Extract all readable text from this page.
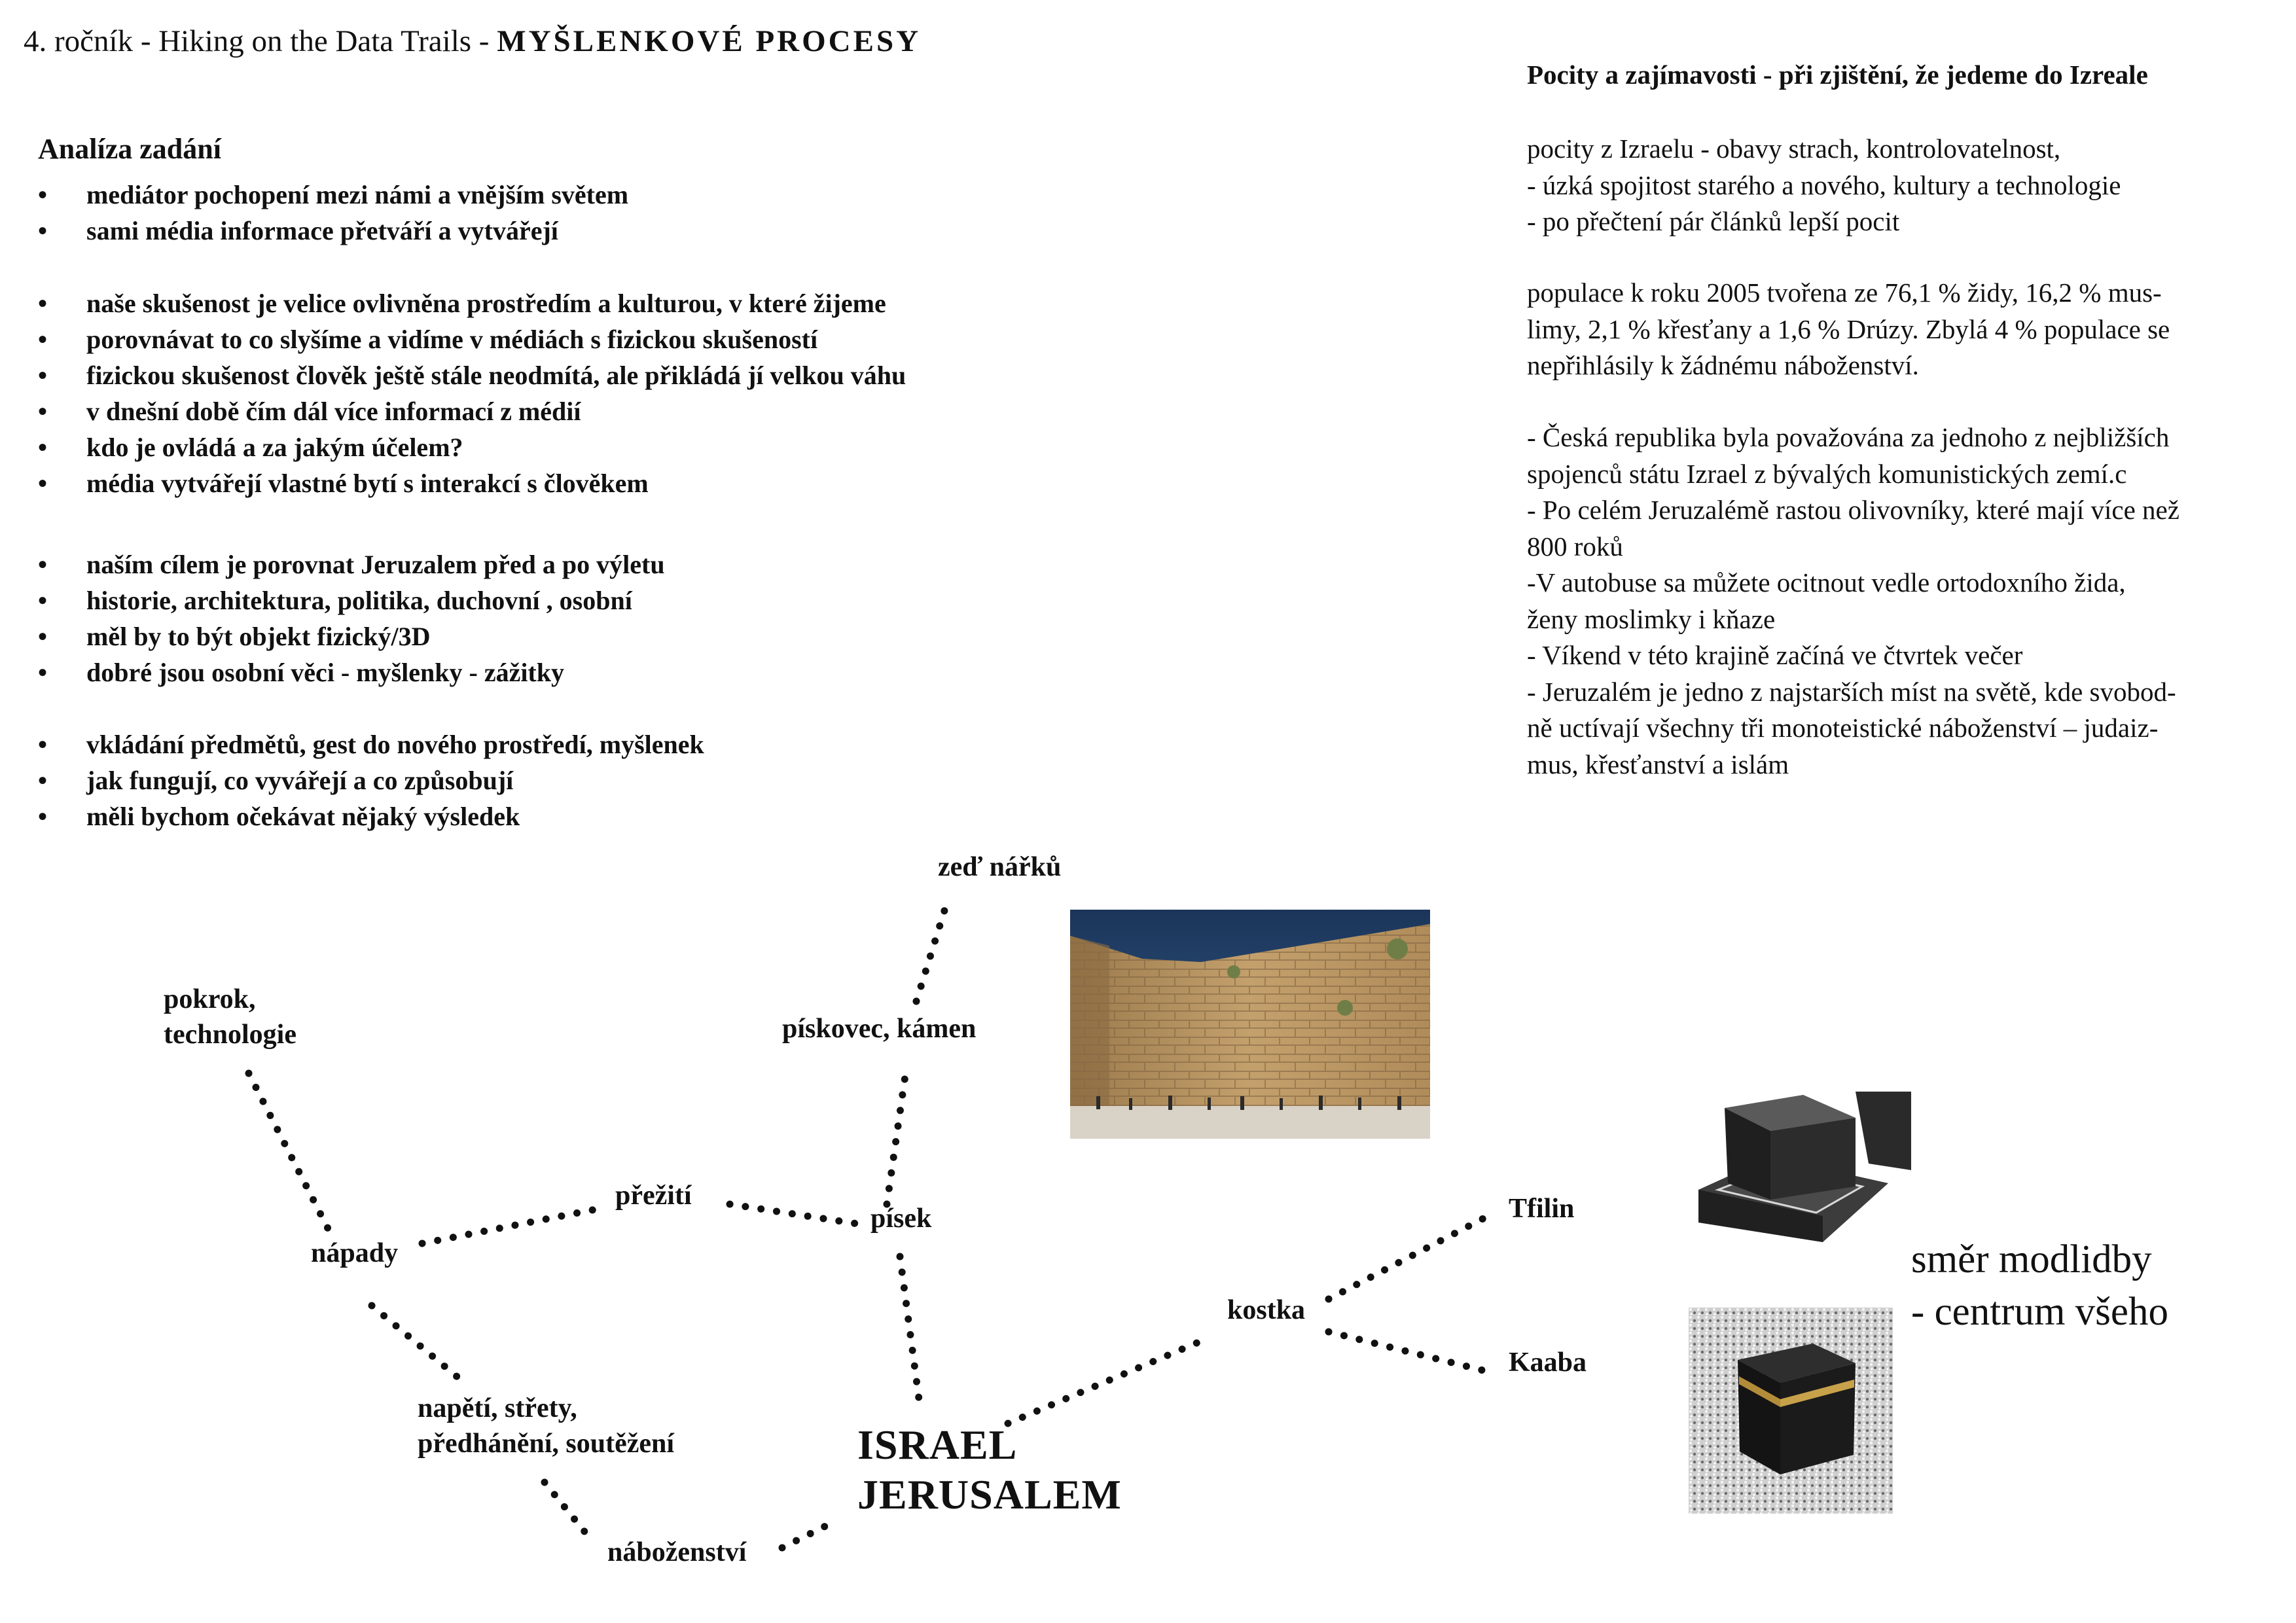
4. ročník - Hiking on the Data Trails - MYŠLENKOVÉ PROCESY
Analíza zadání
• mediátor pochopení mezi námi a vnějším světem
• sami média informace přetváří a vytvářejí
• naše skušenost je velice ovlivněna prostředím a kulturou, v které žijeme
• porovnávat to co slyšíme a vidíme v médiách s fizickou skušeností
• fizickou skušenost člověk ještě stále neodmítá, ale přikládá jí velkou váhu
• v dnešní době čím dál více informací z médií
• kdo je ovládá a za jakým účelem?
• média vytvářejí vlastné bytí s interakcí s člověkem
• naším cílem je porovnat Jeruzalem před a po výletu
• historie, architektura, politika, duchovní , osobní
• měl by to být objekt fizický/3D
• dobré jsou osobní věci - myšlenky - zážitky
• vkládání předmětů, gest do nového prostředí, myšlenek
• jak fungují, co vyvářejí a co způsobují
• měli bychom očekávat nějaký výsledek
Pocity a zajímavosti - při zjištění, že jedeme do Izreale
pocity z Izraelu - obavy strach, kontrolovatelnost,
- úzká spojitost starého a nového, kultury a technologie
- po přečtení pár článků lepší pocit
populace k roku 2005 tvořena ze 76,1 % židy, 16,2 % mus-
limy, 2,1 % křesťany a 1,6 % Drúzy. Zbylá 4 % populace se
nepřihlásily k žádnému náboženství.
- Česká republika byla považována za jednoho z nejbližších
spojenců státu Izrael z bývalých komunistických zemí.c
- Po celém Jeruzalémě rastou olivovníky, které mají více než
800 roků
-V autobuse sa můžete ocitnout vedle ortodoxního žida,
ženy moslimky i kňaze
- Víkend v této krajině začíná ve čtvrtek večer
- Jeruzalém je jedno z najstarších míst na světě, kde svobod-
ně uctívají všechny tři monoteistické náboženství – judaiz-
mus, křesťanství a islám
pokrok,
technologie
nápady
přežití
písek
pískovec, kámen
zeď nářků
napětí, střety,
předhánění, soutěžení
náboženství
ISRAEL
JERUSALEM
kostka
Tfilin
Kaaba
směr modlidby
- centrum všeho
